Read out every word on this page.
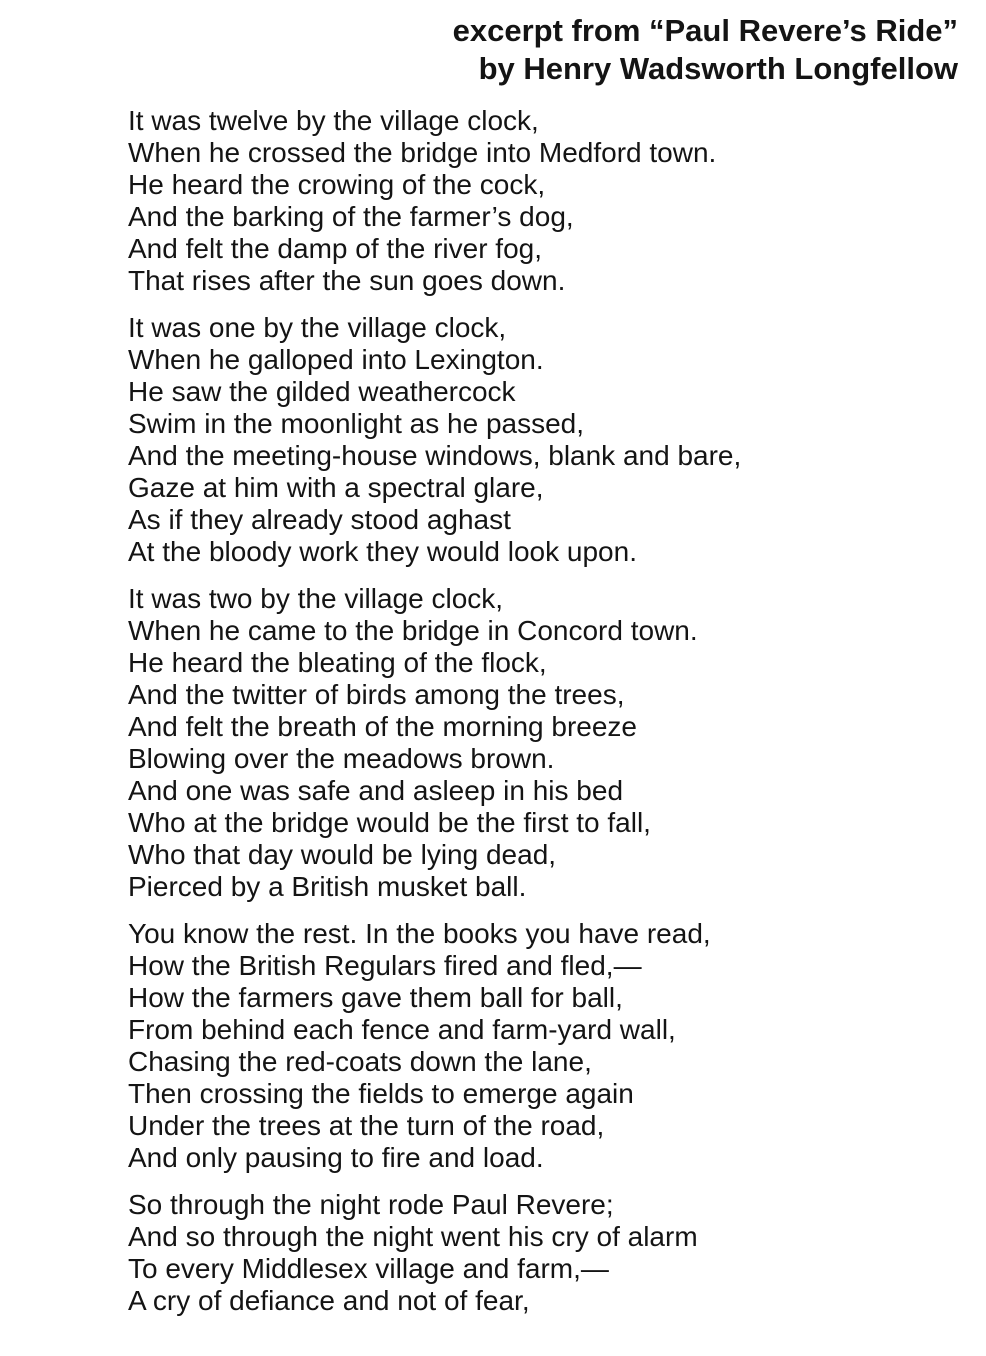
excerpt from “Paul Revere’s Ride”
by Henry Wadsworth Longfellow
It was twelve by the village clock,
When he crossed the bridge into Medford town.
He heard the crowing of the cock,
And the barking of the farmer’s dog,
And felt the damp of the river fog,
That rises after the sun goes down.
It was one by the village clock,
When he galloped into Lexington.
He saw the gilded weathercock
Swim in the moonlight as he passed,
And the meeting-house windows, blank and bare,
Gaze at him with a spectral glare,
As if they already stood aghast
At the bloody work they would look upon.
It was two by the village clock,
When he came to the bridge in Concord town.
He heard the bleating of the flock,
And the twitter of birds among the trees,
And felt the breath of the morning breeze
Blowing over the meadows brown.
And one was safe and asleep in his bed
Who at the bridge would be the first to fall,
Who that day would be lying dead,
Pierced by a British musket ball.
You know the rest. In the books you have read,
How the British Regulars fired and fled,—
How the farmers gave them ball for ball,
From behind each fence and farm-yard wall,
Chasing the red-coats down the lane,
Then crossing the fields to emerge again
Under the trees at the turn of the road,
And only pausing to fire and load.
So through the night rode Paul Revere;
And so through the night went his cry of alarm
To every Middlesex village and farm,—
A cry of defiance and not of fear,
